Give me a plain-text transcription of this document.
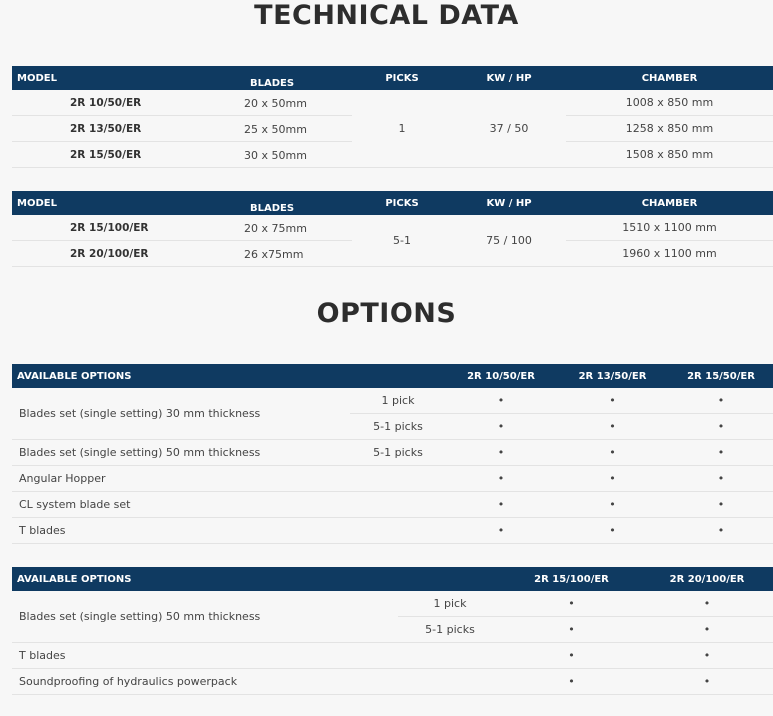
TECHNICAL DATA
MODEL	BLADES	PICKS	KW / HP	CHAMBER
2R 10/50/ER 20 x 50mm		1	37 / 50	1008 x 850 mm
2R 13/50/ER 25 x 50mm			1258 x 850 mm
2R 15/50/ER 30 x 50mm			1508 x 850 mm
MODEL	BLADES	PICKS	KW / HP	CHAMBER
2R 15/100/ER 20 x 75mm		5-1	75 / 100	1510 x 1100 mm
2R 20/100/ER 26 x75mm			1960 x 1100 mm
OPTIONS
AVAILABLE OPTIONS		2R 10/50/ER	2R 13/50/ER	2R 15/50/ER
Blades set (single setting) 30 mm thickness	1 pick	•	•	•
	5-1 picks	•	•	•
Blades set (single setting) 50 mm thickness	5-1 picks	•	•	•
Angular Hopper		•	•	•
CL system blade set		•	•	•
T blades		•	•	•
AVAILABLE OPTIONS		2R 15/100/ER	2R 20/100/ER
Blades set (single setting) 50 mm thickness	1 pick	•	•
	5-1 picks	•	•
T blades		•	•
Soundproofing of hydraulics powerpack		•	•
